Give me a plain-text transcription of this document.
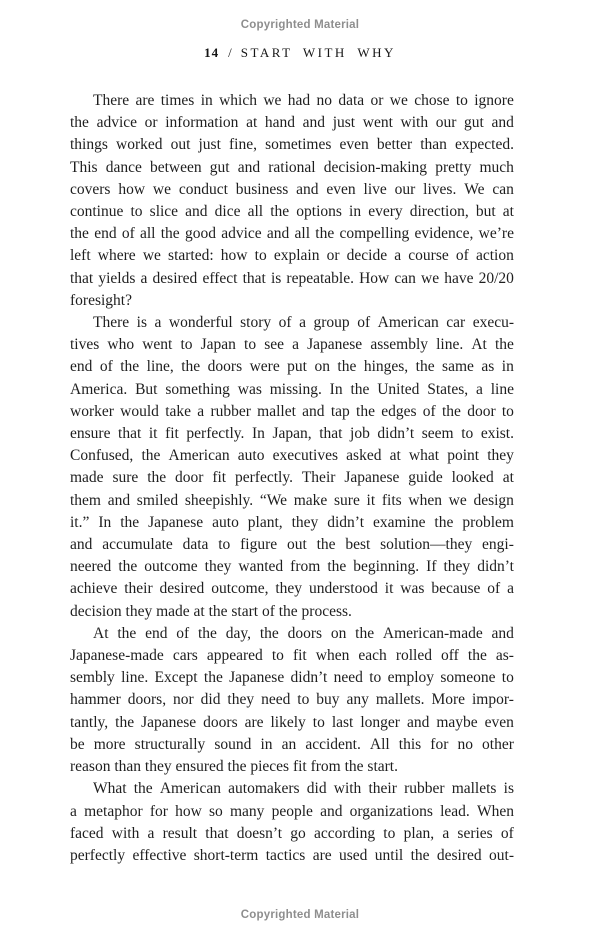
Copyrighted Material
14 / START WITH WHY
There are times in which we had no data or we chose to ignore
the advice or information at hand and just went with our gut and
things worked out just fine, sometimes even better than expected.
This dance between gut and rational decision-making pretty much
covers how we conduct business and even live our lives. We can
continue to slice and dice all the options in every direction, but at
the end of all the good advice and all the compelling evidence, we’re
left where we started: how to explain or decide a course of action
that yields a desired effect that is repeatable. How can we have 20/20
foresight?
There is a wonderful story of a group of American car execu-
tives who went to Japan to see a Japanese assembly line. At the
end of the line, the doors were put on the hinges, the same as in
America. But something was missing. In the United States, a line
worker would take a rubber mallet and tap the edges of the door to
ensure that it fit perfectly. In Japan, that job didn’t seem to exist.
Confused, the American auto executives asked at what point they
made sure the door fit perfectly. Their Japanese guide looked at
them and smiled sheepishly. “We make sure it fits when we design
it.” In the Japanese auto plant, they didn’t examine the problem
and accumulate data to figure out the best solution—they engi-
neered the outcome they wanted from the beginning. If they didn’t
achieve their desired outcome, they understood it was because of a
decision they made at the start of the process.
At the end of the day, the doors on the American-made and
Japanese-made cars appeared to fit when each rolled off the as-
sembly line. Except the Japanese didn’t need to employ someone to
hammer doors, nor did they need to buy any mallets. More impor-
tantly, the Japanese doors are likely to last longer and maybe even
be more structurally sound in an accident. All this for no other
reason than they ensured the pieces fit from the start.
What the American automakers did with their rubber mallets is
a metaphor for how so many people and organizations lead. When
faced with a result that doesn’t go according to plan, a series of
perfectly effective short-term tactics are used until the desired out-
Copyrighted Material
